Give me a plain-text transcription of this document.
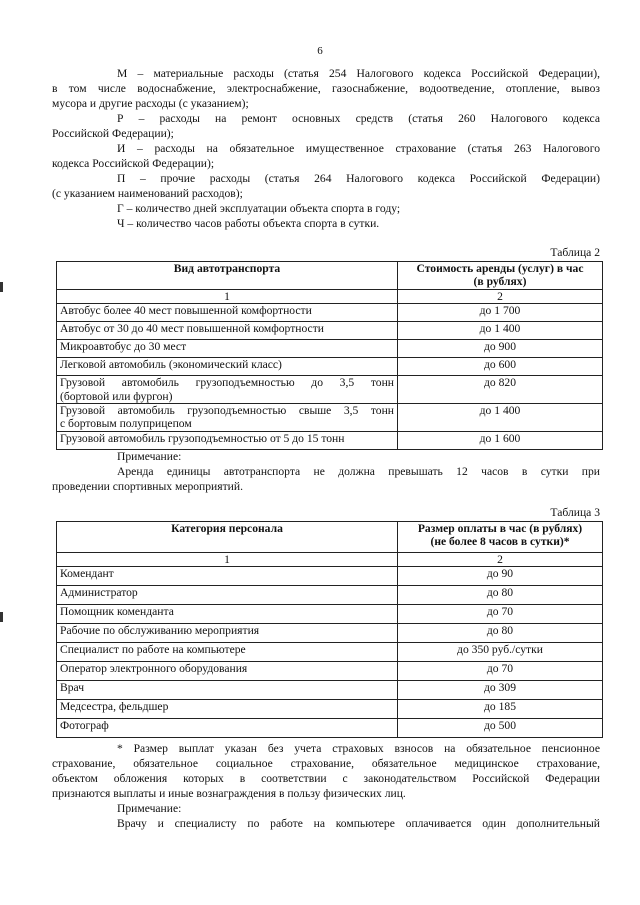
6
М – материальные расходы (статья 254 Налогового кодекса Российской Федерации),
в том числе водоснабжение, электроснабжение, газоснабжение, водоотведение, отопление, вывоз
мусора и другие расходы (с указанием);
Р – расходы на ремонт основных средств (статья 260 Налогового кодекса
Российской Федерации);
И – расходы на обязательное имущественное страхование (статья 263 Налогового
кодекса Российской Федерации);
П – прочие расходы (статья 264 Налогового кодекса Российской Федерации)
(с указанием наименований расходов);
Г – количество дней эксплуатации объекта спорта в году;
Ч – количество часов работы объекта спорта в сутки.
Таблица 2
Вид автотранспорта	Стоимость аренды (услуг) в час
(в рублях)

1	2
Автобус более 40 мест повышенной комфортности	до 1 700
Автобус от 30 до 40 мест повышенной комфортности	до 1 400
Микроавтобус до 30 мест	до 900
Легковой автомобиль (экономический класс)	до 600

Грузовой автомобиль грузоподъемностью до 3,5 тонн
(бортовой или фургон)	до 820

Грузовой автомобиль грузоподъемностью свыше 3,5 тонн
с бортовым полуприцепом	до 1 400
Грузовой автомобиль грузоподъемностью от 5 до 15 тонн	до 1 600
Примечание:
Аренда единицы автотранспорта не должна превышать 12 часов в сутки при
проведении спортивных мероприятий.
Таблица 3
Категория персонала	Размер оплаты в час (в рублях)
(не более 8 часов в сутки)*

1	2
Комендант	до 90
Администратор	до 80
Помощник коменданта	до 70
Рабочие по обслуживанию мероприятия	до 80
Специалист по работе на компьютере	до 350 руб./сутки
Оператор электронного оборудования	до 70
Врач	до 309
Медсестра, фельдшер	до 185
Фотограф	до 500
* Размер выплат указан без учета страховых взносов на обязательное пенсионное
страхование, обязательное социальное страхование, обязательное медицинское страхование,
объектом обложения которых в соответствии с законодательством Российской Федерации
признаются выплаты и иные вознаграждения в пользу физических лиц.
Примечание:
Врачу и специалисту по работе на компьютере оплачивается один дополнительный
